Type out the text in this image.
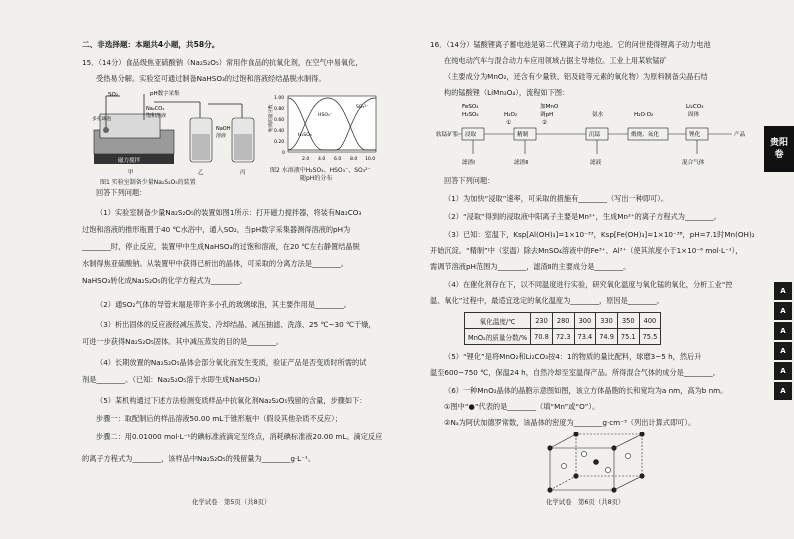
二、非选择题：本题共4小题，共58分。
15．（14分）食品级焦亚硫酸钠（Na₂S₂O₅）常用作食品的抗氧化剂，在空气中易氧化，
受热易分解。实验室可通过制备NaHSO₃的过饱和溶液经结晶脱水制得。
磁力搅拌
SO₂	pH数字采集
Na₂CO₃
饱和溶液
多孔球泡
NaOH
溶液
甲	乙	丙
图1 实验室制备少量Na₂S₂O₅的装置
物质的量分数
1.00
0.80
0.60
0.40
0.20
0
2.0 4.0 6.0 8.0 10.0
H₂SO₃
HSO₃⁻
SO₃²⁻
图2 水溶液中H₂SO₃、HSO₃⁻、SO₃²⁻
随pH的分布
回答下列问题：
（1）实验室制备少量Na₂S₂O₅的装置如图1所示：打开磁力搅拌器，将装有Na₂CO₃
过饱和溶液的推形瓶置于40 ℃水浴中，通入SO₂，当pH数字采集器测得溶液的pH为
________时，停止反应，装置甲中生成NaHSO₃的过饱和溶液，在20 ℃左右静置结晶脱
水制得焦亚硫酸钠。从装置甲中获得已析出的晶体，可采取的分离方法是________。
NaHSO₃转化成Na₂S₂O₅的化学方程式为________。
（2）通SO₂气体的导管末端是带许多小孔的玻璃球泡，其主要作用是________。
（3）析出固体的反应液经减压蒸发、冷却结晶、减压抽滤、洗涤、25 ℃~30 ℃干燥，
可进一步获得Na₂S₂O₅固体。其中减压蒸发的目的是________。
（4）长期放置的Na₂S₂O₅晶体会部分氧化而发生变质，验证产品是否变质时所需的试
剂是________。（已知：Na₂S₂O₅溶于水即生成NaHSO₃）
（5）某机构通过下述方法检测变质样品中抗氧化剂Na₂S₂O₅残留的含量，步骤如下：
步骤一：取配制后的样品溶液50.00 mL于锥形瓶中（假设其他杂质不反应）；
步骤二：用0.01000 mol·L⁻¹的碘标准液滴定至终点，消耗碘标准液20.00 mL。滴定反应
的离子方程式为________，该样品中Na₂S₂O₅的残留量为________g·L⁻¹。
化学试卷　第5页（共8页）
16．（14分）锰酸锂离子蓄电池是第二代锂离子动力电池。它的问世使得锂离子动力电池
在纯电动汽车与混合动力车应用领域占据主导地位。工业上用某软锰矿
（主要成分为MnO₂，还含有少量铁、铝及硅等元素的氧化物）为原料制备尖晶石结
构的锰酸锂（LiMn₂O₄），流程如下图：
FeSO₄
H₂SO₄	H₂O₂
①
加MnO
调pH
②
氨水	H₂O·O₂
Li₂CO₃
固体
软锰矿浆 浸取	精制	沉锰	煅烧、氧化	锂化	产品
滤渣Ⅰ	滤渣Ⅱ	滤液	混合气体
回答下列问题：
（1）为加快“浸取”速率，可采取的措施有________（写出一种即可）。
（2）“浸取”得到的浸取液中阳离子主要是Mn²⁺，生成Mn²⁺的离子方程式为________。
（3）已知：室温下，Ksp[Al(OH)₃]=1×10⁻³³，Ksp[Fe(OH)₃]=1×10⁻³⁸，pH=7.1时Mn(OH)₂
开始沉淀。“精制”中（室温）除去MnSO₄溶液中的Fe³⁺、Al³⁺（使其浓度小于1×10⁻⁶ mol·L⁻¹），
需调节溶液pH范围为________，滤渣Ⅱ的主要成分是________。
（4）在催化剂存在下，以不同温度进行实验，研究氧化温度与氧化锰的氧化，分析工业“控
温、氧化”过程中，最适宜选定的氧化温度为________，原因是________。
氧化温度/℃	230	280	300	330	350	400
MnO₂的质量分数/%	70.8	72.3	73.4	74.9	75.1	75.5
（5）“锂化”是将MnO₂和Li₂CO₃按4：1的物质的量比配料，球磨3~5 h，然后升
温至600~750 ℃，保温24 h，自然冷却至室温得产品。所得混合气体的成分是________。
（6）一种MnO₂晶体的晶胞示意图如图，该立方体晶胞的长和宽均为a nm，高为b nm。
①图中“●”代表的是________（填“Mn”或“O”）。
②Nₐ为阿伏加德罗常数，该晶体的密度为________g·cm⁻³（列出计算式即可）。
化学试卷　第6页（共8页）
贵阳
卷
A
A
A
A
A
A
